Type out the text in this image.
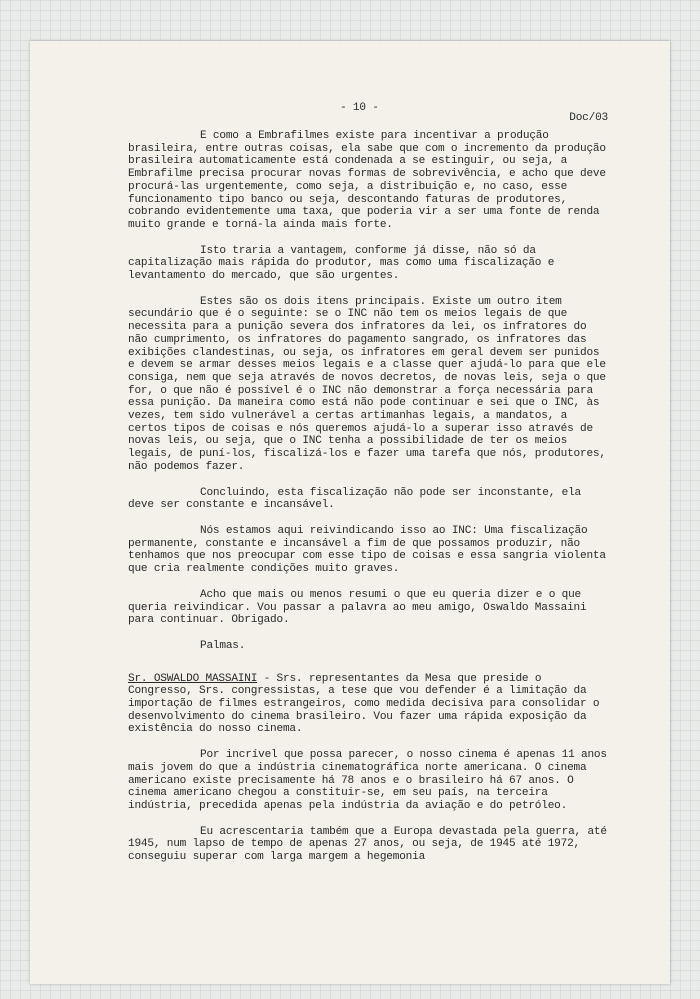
- 10 -
Doc/03

E como a Embrafilmes existe para incentivar a produção brasileira, entre outras coisas, ela sabe que com o incremento da produção brasileira automaticamente está condenada a se estinguir, ou seja, a Embrafilme precisa procurar novas formas de sobrevivência, e acho que deve procurá-las urgentemente, como seja, a distribuição e, no caso, esse funcionamento tipo banco ou seja, descontando faturas de produtores, cobrando evidentemente uma taxa, que poderia vir a ser uma fonte de renda muito grande e torná-la ainda mais forte.

Isto traria a vantagem, conforme já disse, não só da capitalização mais rápida do produtor, mas como uma fiscalização e levantamento do mercado, que são urgentes.

Estes são os dois itens principais. Existe um outro item secundário que é o seguinte: se o INC não tem os meios legais de que necessita para a punição severa dos infratores da lei, os infratores do não cumprimento, os infratores do pagamento sangrado, os infratores das exibições clandestinas, ou seja, os infratores em geral devem ser punidos e devem se armar desses meios legais e a classe quer ajudá-lo para que ele consiga, nem que seja através de novos decretos, de novas leis, seja o que for, o que não é possível é o INC não demonstrar a força necessária para essa punição. Da maneira como está não pode continuar e sei que o INC, às vezes, tem sido vulnerável a certas artimanhas legais, a mandatos, a certos tipos de coisas e nós queremos ajudá-lo a superar isso através de novas leis, ou seja, que o INC tenha a possibilidade de ter os meios legais, de puní-los, fiscalizá-los e fazer uma tarefa que nós, produtores, não podemos fazer.

Concluindo, esta fiscalização não pode ser inconstante, ela deve ser constante e incansável.

Nós estamos aqui reivindicando isso ao INC: Uma fiscalização permanente, constante e incansável a fim de que possamos produzir, não tenhamos que nos preocupar com esse tipo de coisas e essa sangria violenta que cria realmente condições muito graves.

Acho que mais ou menos resumi o que eu queria dizer e o que queria reivindicar. Vou passar a palavra ao meu amigo, Oswaldo Massaini para continuar. Obrigado.

Palmas.

Sr. OSWALDO MASSAINI - Srs. representantes da Mesa que preside o Congresso, Srs. congressistas, a tese que vou defender é a limitação da importação de filmes estrangeiros, como medida decisiva para consolidar o desenvolvimento do cinema brasileiro. Vou fazer uma rápida exposição da existência do nosso cinema.

Por incrível que possa parecer, o nosso cinema é apenas 11 anos mais jovem do que a indústria cinematográfica norte americana. O cinema americano existe precisamente há 78 anos e o brasileiro há 67 anos. O cinema americano chegou a constituir-se, em seu país, na terceira indústria, precedida apenas pela indústria da aviação e do petróleo.

Eu acrescentaria também que a Europa devastada pela guerra, até 1945, num lapso de tempo de apenas 27 anos, ou seja, de 1945 até 1972, conseguiu superar com larga margem a hegemonia
